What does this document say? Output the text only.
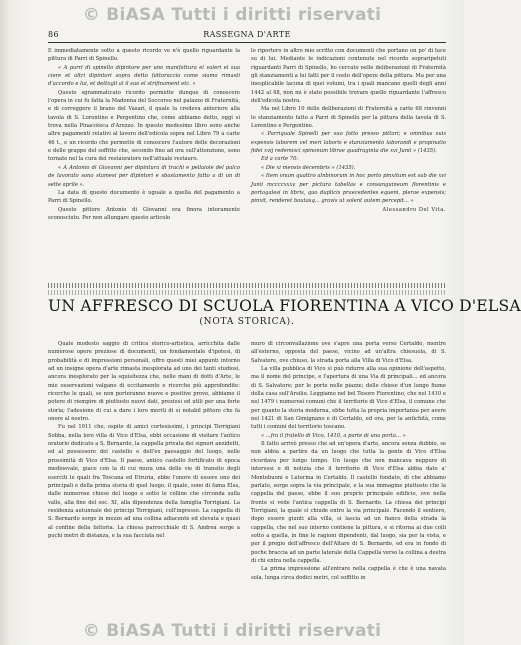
© BiASA Tutti i diritti riservati
86	RASSEGNA D'ARTE

E immediatamente sotto a questo ricordo ve n'è quello riguardante la pittura di Parri di Spinello.

« A parri di spinello dipintore per uno manifattura el valeri el sua ciere et altri dipintori sopra detto fattoraccia come siamo rimasti d'accordo e lui, et dettogli al il suo el strifinament etc. »

Questo sgrammaticato ricordo permette dunque di conoscere l'opera in cui fu fatta la Madonna del Soccorso nel palazzo di Fraternità, e di correggere il brano del Vasari, il quale la credeva anteriore alla tavola di S. Lorentino e Pergentino che, come abbiamo detto, oggi si trova nella Pinacoteca d'Arezzo. In questo medesimo libro sono anche altre pagamenti relativi al lavoro dell'edicola sopra nel Libro 79 a carte 46 t., e un ricordo che permette di conoscere l'autore delle decorazioni e delle grappe del soffitto che, secondo fino ad ora sull'attenzione, sono tornate nel la cura del restauratore nell'attuale restauro.

« A Antonio di Giovanni per dipintura di trachi e pellaiole del palco de lavorato sono stamesi per dipintori e sbastamento fatto a di un di sette aprile ».

La data di questo documento è uguale a quella del pagamento a Parri di Spinello.

Questo pittore Antonio di Giovanni era finora interamente sconosciuto. Per non allungare questo articolo

lo riportero in altro mio scritto con documenti che portano un po' di luce su di lui. Mediante le indicazioni contenute nel ricordo sopraripetuti riguardanti Parri di Spinello, ho cercato nelle deliberazioni di Fraternità gli stanziamenti a lui fatti per il costo dell'opere della pittura. Ma per una inesplicabile lacuna di quei volumi, tra i quali mancano quelli degli anni 1442 al 48, non mi è stato possibile trovare quello riguardante l'affresco dell'edicola nostra.

Ma nel Libro 10 delle deliberazioni di Fraternità a carte 68 rinvenni lo stanziamento fatto a Parri di Spinello per la pittura della tavola di S. Lorentino e Pergentino.

« Parriquale Spinelli per suo fatto presso pittori; e omnibus suis expensis laborem vel meri laboris e stanziamento laborandi e propinatio fidei xvij redemisci spinonum librae quadraginta die xvi Junii » (1435).

Ed a carte 70:

« Die xi mensis decembris » (1435).

« Item vnum quattro alnbinorum in hoc porto pinxitum est sub die xvi Junii mccccxxxv per pictura tabellas e consanguineum florentinis e portogalesi in libris, quo duplicis praecedentes equeni, plerae expensis; pinxit, renderet bautasq... gravis ut solent autem percepit... »

Alessandro Del Vita.

UN AFFRESCO DI SCUOLA FIORENTINA A VICO D'ELSA
(NOTA STORICA).

Quale modesto saggio di critica storico-artistica, arricchita dalle numerose opere preziose di documenti, un fondamentale d'ipotesi, di probabilità e di impressioni personali, offro questi miei appunti intorno ad un insigne opera d'arte rimasta inesplorata ad uno dei tanti studiosi, ancora inesplorato per la squisitezza che, nelle mani di dotti d'Arte, le mie osservazioni valgano di eccitamento e ricerche più approfondite: ricerche le quali, se non porteranno nuove e positive prove, abbiamo il potere di riempire di piuttosto nuovi dati, preziosi ed utili per una forte storia; l'adesione di cui a dare i loro meriti di sì notabil pittore che fa onore al nostro.

Fu nel 1911 che, ospite di amici cortesissimi, i principi Torrigiani Sobba, nella loro villa di Vico d'Elsa, ebbi occasione di visitare l'antico oratorio dedicato a S. Bernardo, la cappella privata dei signori anzidetti, ed al possessore del castello e dell'ex paesaggio del luogo, nelle prossimità di Vico d'Elsa. Il paese, antico castello fortificato di epoca medioevale, giace con la di cui mura una delle vie di transito degli eserciti le quali fra Toscana ed Etruria, ebbe l'onore di essere uno dei principali e della prima storia di quel luogo, il quale, sono di fama Elsa, dalle numerose chiese del luogo e sotto le colline che circonda sulla valle, alla fine del sec. XI, alla dipendenza della famiglia Torrigiani. La residenza autunnale dei principi Torrigiani, coll'ingresso. La cappella di S. Bernardo sorge in mezzo ad una collina adiacente ed elevata e quasi al confine della fattoria. La chiesa parrocchiale di S. Andrea sorge a pochi metri di distanza, e la sua facciata nel

muro di circonvallazione ove s'apre una porta verso Certaldo, mentre all'esterno, opposta del paese, vicino ad un'altra chiesuola, di S. Salvatore, ove chiuso, la strada porta alla Villa di Vico d'Elsa.

La villa pubblica di Vico si può ridurre alla sua opinione dell'aspetto, ma il nome del principe, e l'apertura di una Via di principali... ed ancora di S. Salvatore; per le porte nelle piazze; delle chiese d'un lungo fiume della casa sull'Arsilio. Leggiamo nel bel Tesoro Fiorentino, che nel 1410 e nel 1479 i numerosi comuni che il territorio di Vico d'Elsa, il comune che per quanto la storia moderna, ebbe tutta la propria importanza per avere nel 1421 di San Gimignano e di Certaldo, ed ora, per la antichità, come tutti i comuni del territorio toscano.

« ...fra il fratello di Vico, 1410, a parte di una porta... »

Il fatto arrivò presso che ad un'opera d'arte, ancora senza dubbio, se non abbia a partire da un luogo che tutta la gente di Vico d'Elsa ricordava per lungo tempo. Un luogo che non mancava neppure di interessi e di notizia che il territorio di Vico d'Elsa abbia dato a' Montebuoni e Luterina in Certaldo. Il castello fondato, di che abbiamo parlato, sorge sopra la via principale, e la sua immagine piuttosto che la cappella del paese, ebbe il suo proprio principale edificio, ove nella fronte si vede l'antica cappella di S. Bernardo. La chiesa dei principi Torrigiani, la quale si chiude entro la via principale. Facendo il sentiero, dopo essere giunti alla villa, si lascia ad un fianco della strada la cappella, che nel suo interno contiene la pittura, e si ritorna ai due colli sotto a quella, in fine le ragioni dipendenti, dal luogo, sia per la vista, e per il pregio dell'affresco dell'Altare di S. Bernardo, ed era in fondo di poche braccia ad un parte laterale della Cappella verso la collina a destra di chi entra nella cappella.

La prima impressione all'entrare nella cappella è che è una navata sola, lunga circa dodici metri, col soffitto in

© BiASA Tutti i diritti riservati
